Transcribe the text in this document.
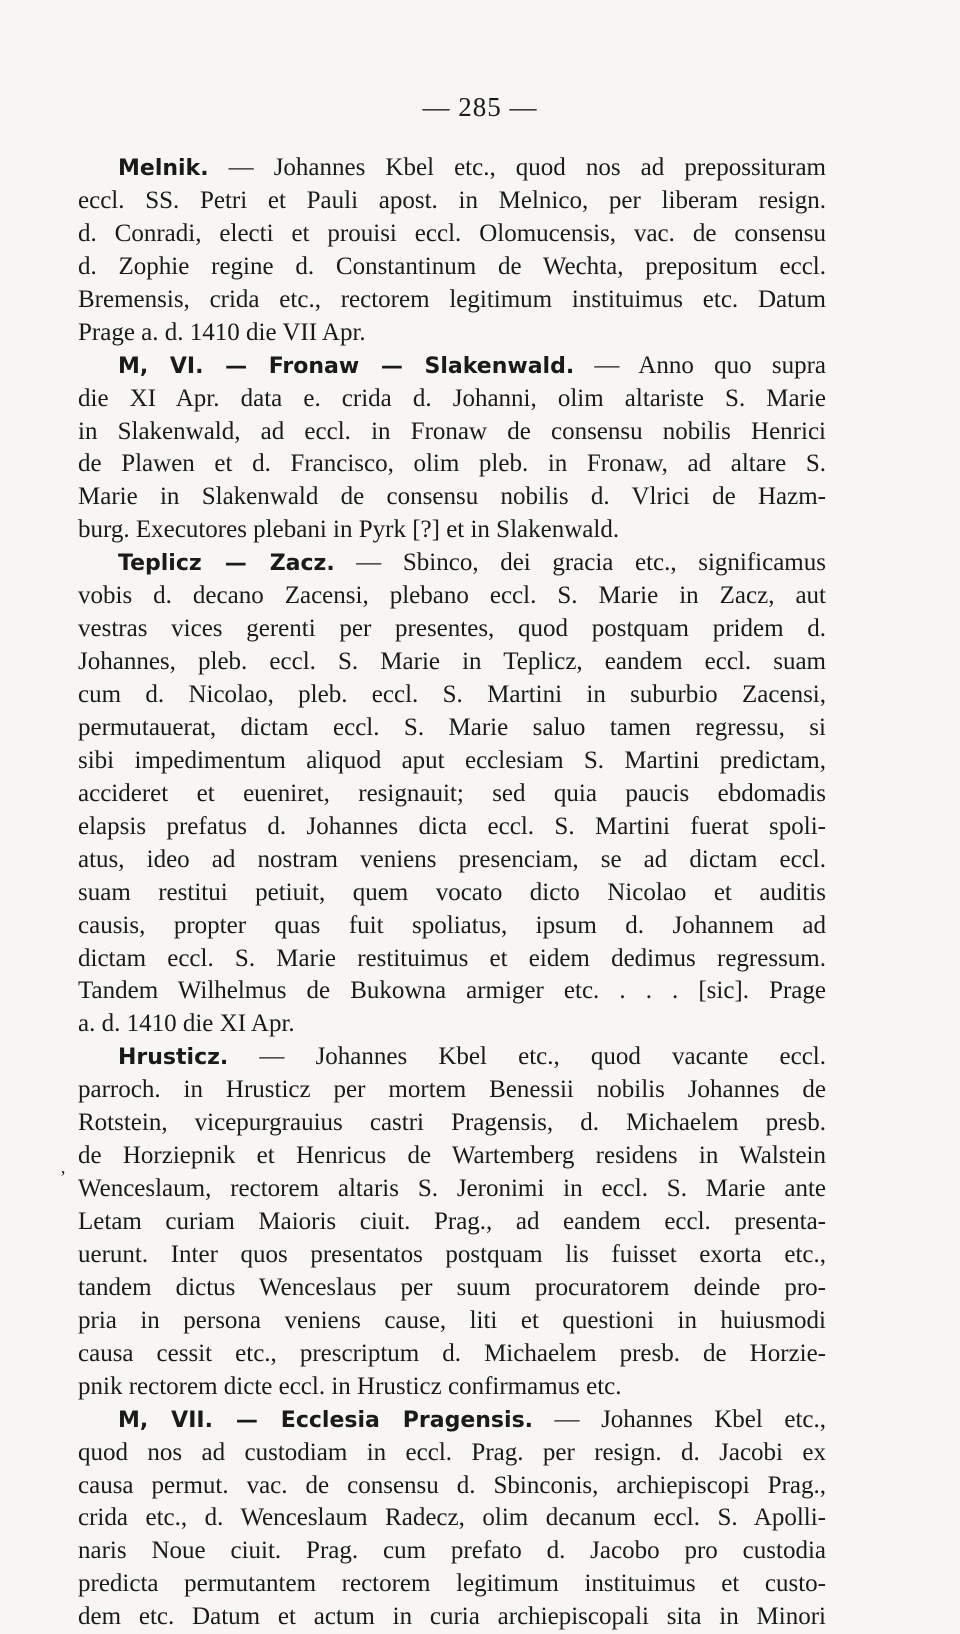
— 285 —
’
Melnik. — Johannes Kbel etc., quod nos ad prepossituram
eccl. SS. Petri et Pauli apost. in Melnico, per liberam resign.
d. Conradi, electi et prouisi eccl. Olomucensis, vac. de consensu
d. Zophie regine d. Constantinum de Wechta, prepositum eccl.
Bremensis, crida etc., rectorem legitimum instituimus etc. Datum
Prage a. d. 1410 die VII Apr.
M, VI. — Fronaw — Slakenwald. — Anno quo supra
die XI Apr. data e. crida d. Johanni, olim altariste S. Marie
in Slakenwald, ad eccl. in Fronaw de consensu nobilis Henrici
de Plawen et d. Francisco, olim pleb. in Fronaw, ad altare S.
Marie in Slakenwald de consensu nobilis d. Vlrici de Hazm-
burg. Executores plebani in Pyrk [?] et in Slakenwald.
Teplicz — Zacz. — Sbinco, dei gracia etc., significamus
vobis d. decano Zacensi, plebano eccl. S. Marie in Zacz, aut
vestras vices gerenti per presentes, quod postquam pridem d.
Johannes, pleb. eccl. S. Marie in Teplicz, eandem eccl. suam
cum d. Nicolao, pleb. eccl. S. Martini in suburbio Zacensi,
permutauerat, dictam eccl. S. Marie saluo tamen regressu, si
sibi impedimentum aliquod aput ecclesiam S. Martini predictam,
accideret et eueniret, resignauit; sed quia paucis ebdomadis
elapsis prefatus d. Johannes dicta eccl. S. Martini fuerat spoli-
atus, ideo ad nostram veniens presenciam, se ad dictam eccl.
suam restitui petiuit, quem vocato dicto Nicolao et auditis
causis, propter quas fuit spoliatus, ipsum d. Johannem ad
dictam eccl. S. Marie restituimus et eidem dedimus regressum.
Tandem Wilhelmus de Bukowna armiger etc. . . . [sic]. Prage
a. d. 1410 die XI Apr.
Hrusticz. — Johannes Kbel etc., quod vacante eccl.
parroch. in Hrusticz per mortem Benessii nobilis Johannes de
Rotstein, vicepurgrauius castri Pragensis, d. Michaelem presb.
de Horziepnik et Henricus de Wartemberg residens in Walstein
Wenceslaum, rectorem altaris S. Jeronimi in eccl. S. Marie ante
Letam curiam Maioris ciuit. Prag., ad eandem eccl. presenta-
uerunt. Inter quos presentatos postquam lis fuisset exorta etc.,
tandem dictus Wenceslaus per suum procuratorem deinde pro-
pria in persona veniens cause, liti et questioni in huiusmodi
causa cessit etc., prescriptum d. Michaelem presb. de Horzie-
pnik rectorem dicte eccl. in Hrusticz confirmamus etc.
M, VII. — Ecclesia Pragensis. — Johannes Kbel etc.,
quod nos ad custodiam in eccl. Prag. per resign. d. Jacobi ex
causa permut. vac. de consensu d. Sbinconis, archiepiscopi Prag.,
crida etc., d. Wenceslaum Radecz, olim decanum eccl. S. Apolli-
naris Noue ciuit. Prag. cum prefato d. Jacobo pro custodia
predicta permutantem rectorem legitimum instituimus et custo-
dem etc. Datum et actum in curia archiepiscopali sita in Minori
